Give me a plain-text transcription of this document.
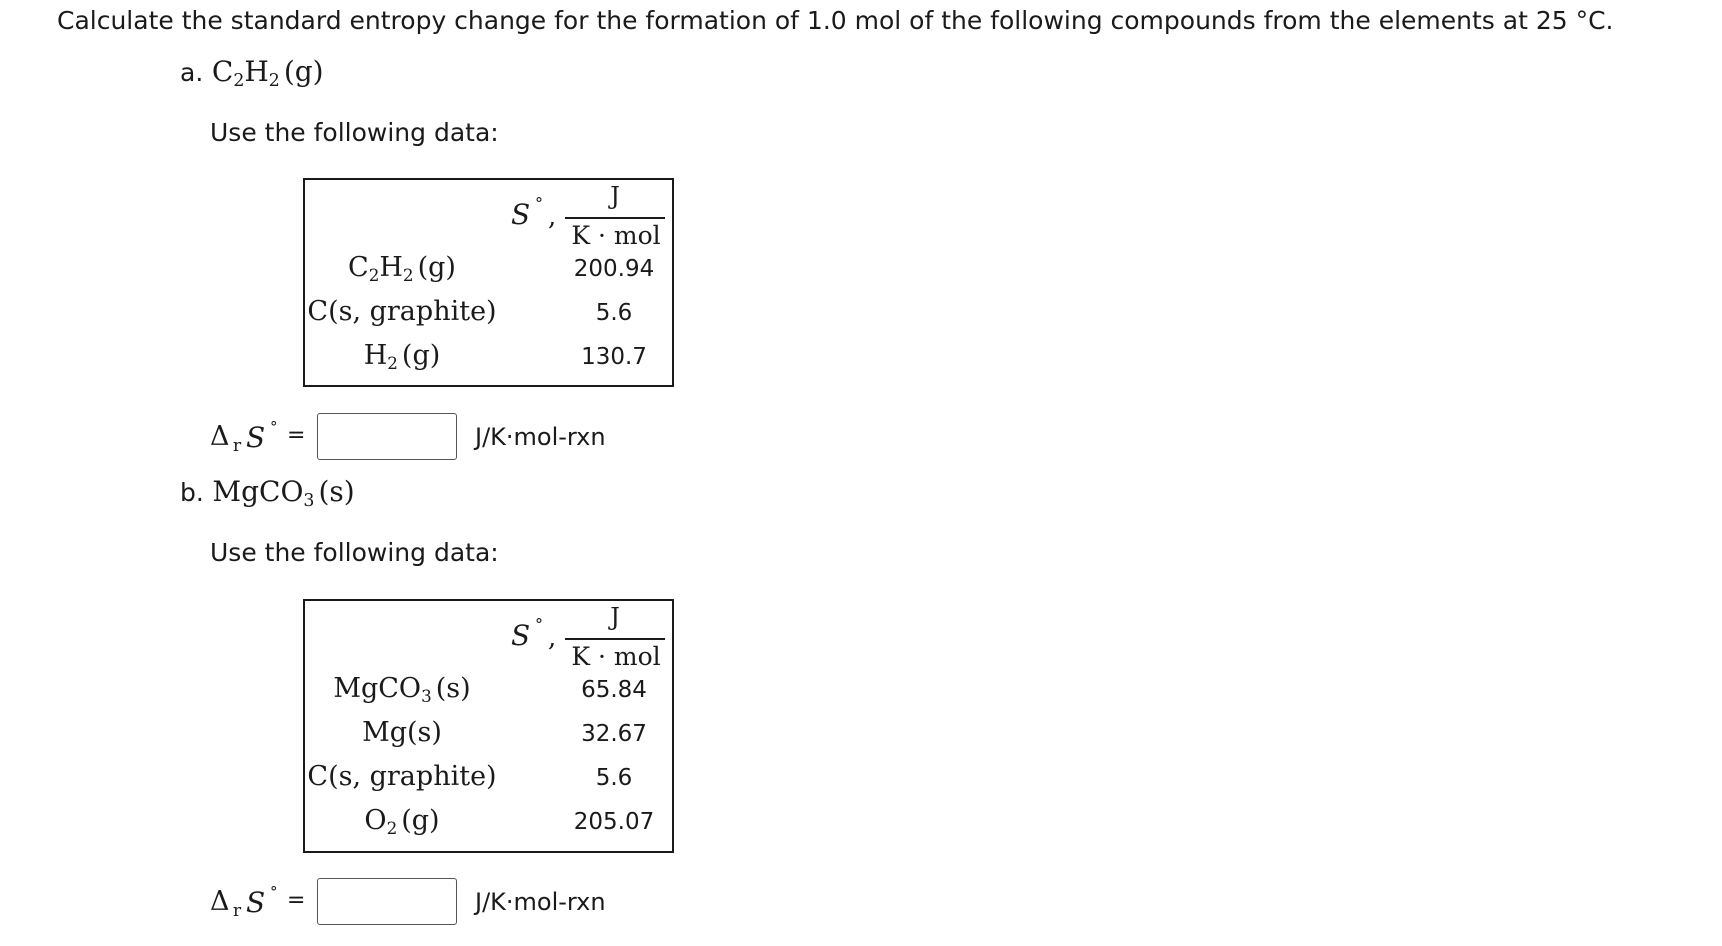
Calculate the standard entropy change for the formation of 1.0 mol of the following compounds from the elements at 25 °C.
a. $C_2H_2$ (g)
Use the following data:
S ° ,
J
K · mol
$C_2H_2$ (g)	200.94
C(s, graphite)	5.6
$H_2$ (g)	130.7
Δ r S ° =	J/K·mol-rxn
b. MgCO$_3$ (s)
Use the following data:
S ° ,
J
K · mol
MgCO$_3$ (s)	65.84
Mg(s)	32.67
C(s, graphite)	5.6
$O_2$ (g)	205.07
Δ r S ° =	J/K·mol-rxn
